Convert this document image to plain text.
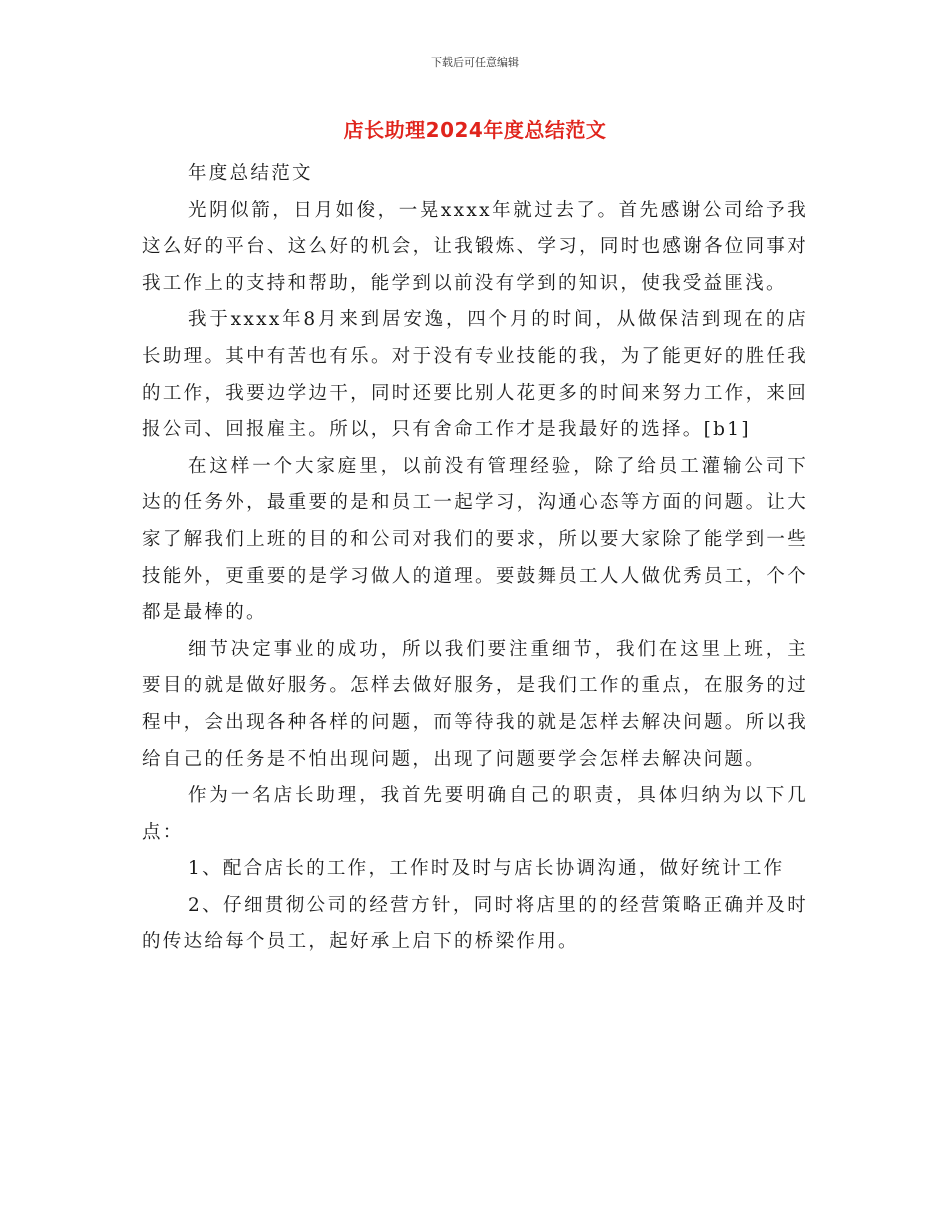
下载后可任意编辑
店长助理2024年度总结范文

年度总结范文

光阴似箭，日月如俊，一晃xxxx年就过去了。首先感谢公司给予我这么好的平台、这么好的机会，让我锻炼、学习，同时也感谢各位同事对我工作上的支持和帮助，能学到以前没有学到的知识，使我受益匪浅。

我于xxxx年8月来到居安逸，四个月的时间，从做保洁到现在的店长助理。其中有苦也有乐。对于没有专业技能的我，为了能更好的胜任我的工作，我要边学边干，同时还要比别人花更多的时间来努力工作，来回报公司、回报雇主。所以，只有舍命工作才是我最好的选择。[b1]

在这样一个大家庭里，以前没有管理经验，除了给员工灌输公司下达的任务外，最重要的是和员工一起学习，沟通心态等方面的问题。让大家了解我们上班的目的和公司对我们的要求，所以要大家除了能学到一些技能外，更重要的是学习做人的道理。要鼓舞员工人人做优秀员工，个个都是最棒的。

细节决定事业的成功，所以我们要注重细节，我们在这里上班，主要目的就是做好服务。怎样去做好服务，是我们工作的重点，在服务的过程中，会出现各种各样的问题，而等待我的就是怎样去解决问题。所以我给自己的任务是不怕出现问题，出现了问题要学会怎样去解决问题。

作为一名店长助理，我首先要明确自己的职责，具体归纳为以下几点：

1、配合店长的工作，工作时及时与店长协调沟通，做好统计工作

2、仔细贯彻公司的经营方针，同时将店里的的经营策略正确并及时的传达给每个员工，起好承上启下的桥梁作用。
